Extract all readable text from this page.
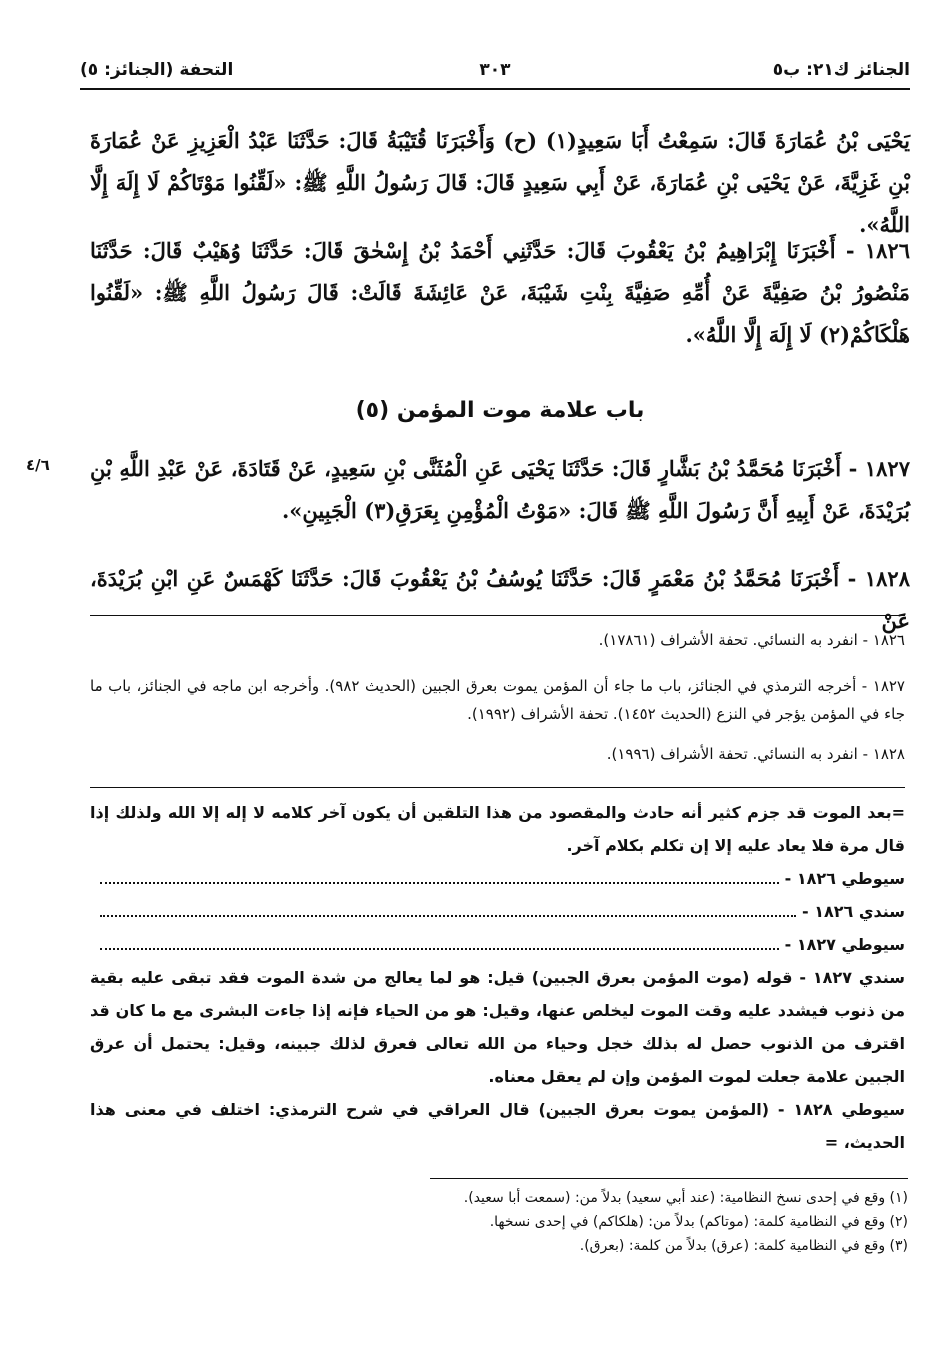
الجنائز ك٢١: ب٥
٣٠٣
التحفة (الجنائز: ٥)

يَحْيَى بْنُ عُمَارَةَ قَالَ: سَمِعْتُ أَبَا سَعِيدٍ(١) (ح) وَأَخْبَرَنَا قُتَيْبَةُ قَالَ: حَدَّثَنَا عَبْدُ الْعَزِيزِ عَنْ عُمَارَةَ بْنِ غَزِيَّةَ، عَنْ يَحْيَى بْنِ عُمَارَةَ، عَنْ أَبِي سَعِيدٍ قَالَ: قَالَ رَسُولُ اللَّهِ ﷺ: «لَقِّنُوا مَوْتَاكُمْ لَا إِلَهَ إِلَّا اللَّهُ».

١٨٢٦ - أَخْبَرَنَا إِبْرَاهِيمُ بْنُ يَعْقُوبَ قَالَ: حَدَّثَنِي أَحْمَدُ بْنُ إِسْحٰقَ قَالَ: حَدَّثَنَا وُهَيْبٌ قَالَ: حَدَّثَنَا مَنْصُورُ بْنُ صَفِيَّةَ عَنْ أُمِّهِ صَفِيَّةَ بِنْتِ شَيْبَةَ، عَنْ عَائِشَةَ قَالَتْ: قَالَ رَسُولُ اللَّهِ ﷺ: «لَقِّنُوا هَلْكَاكُمْ(٢) لَا إِلَهَ إِلَّا اللَّهُ».

(٥) باب علامة موت المؤمن
٤/٦ ١٨٢٧ - أَخْبَرَنَا مُحَمَّدُ بْنُ بَشَّارٍ قَالَ: حَدَّثَنَا يَحْيَى عَنِ الْمُثَنَّى بْنِ سَعِيدٍ، عَنْ قَتَادَةَ، عَنْ عَبْدِ اللَّهِ بْنِ بُرَيْدَةَ، عَنْ أَبِيهِ أَنَّ رَسُولَ اللَّهِ ﷺ قَالَ: «مَوْتُ الْمُؤْمِنِ بِعَرَقِ(٣) الْجَبِينِ».

١٨٢٨ - أَخْبَرَنَا مُحَمَّدُ بْنُ مَعْمَرٍ قَالَ: حَدَّثَنَا يُوسُفُ بْنُ يَعْقُوبَ قَالَ: حَدَّثَنَا كَهْمَسٌ عَنِ ابْنِ بُرَيْدَةَ، عَنْ

١٨٢٦ - انفرد به النسائي. تحفة الأشراف (١٧٨٦١).

١٨٢٧ - أخرجه الترمذي في الجنائز، باب ما جاء أن المؤمن يموت بعرق الجبين (الحديث ٩٨٢). وأخرجه ابن ماجه في الجنائز، باب ما جاء في المؤمن يؤجر في النزع (الحديث ١٤٥٢). تحفة الأشراف (١٩٩٢).

١٨٢٨ - انفرد به النسائي. تحفة الأشراف (١٩٩٦).

=بعد الموت قد جزم كثير أنه حادث والمقصود من هذا التلقين أن يكون آخر كلامه لا إله إلا الله ولذلك إذا قال مرة فلا يعاد عليه إلا إن تكلم بكلام آخر.

سيوطي ١٨٢٦ -
سندي ١٨٢٦ -
سيوطي ١٨٢٧ -

سندي ١٨٢٧ - قوله (موت المؤمن بعرق الجبين) قيل: هو لما يعالج من شدة الموت فقد تبقى عليه بقية من ذنوب فيشدد عليه وقت الموت ليخلص عنها، وقيل: هو من الحياء فإنه إذا جاءت البشرى مع ما كان قد اقترف من الذنوب حصل له بذلك خجل وحياء من الله تعالى فعرق لذلك جبينه، وقيل: يحتمل أن عرق الجبين علامة جعلت لموت المؤمن وإن لم يعقل معناه.

سيوطي ١٨٢٨ - (المؤمن يموت بعرق الجبين) قال العراقي في شرح الترمذي: اختلف في معنى هذا الحديث، =

(١) وقع في إحدى نسخ النظامية: (عند أبي سعيد) بدلاً من: (سمعت أبا سعيد).

(٢) وقع في النظامية كلمة: (موتاكم) بدلاً من: (هلكاكم) في إحدى نسخها.

(٣) وقع في النظامية كلمة: (عرق) بدلاً من كلمة: (بعرق).
